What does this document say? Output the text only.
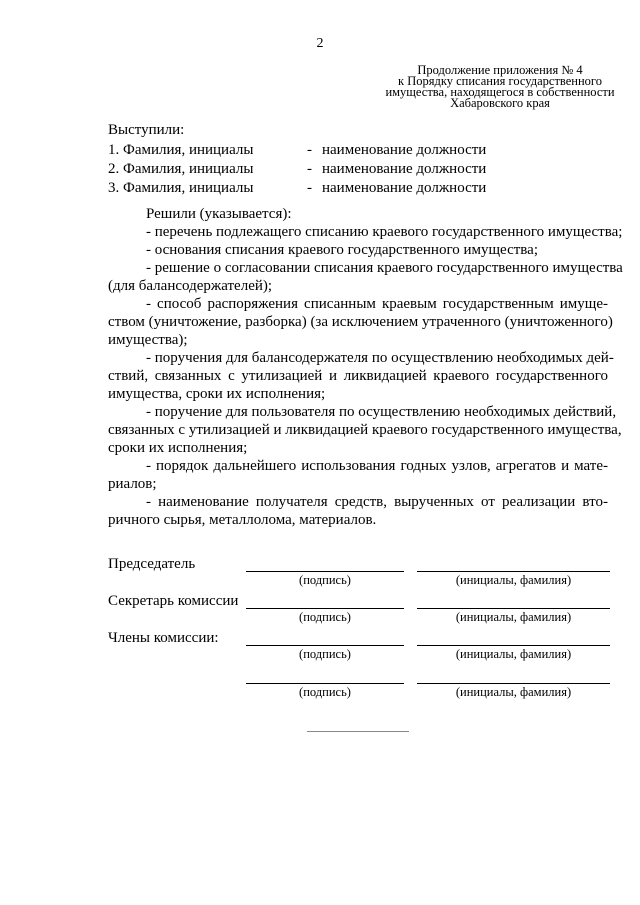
2
Продолжение приложения № 4
к Порядку списания государственного
имущества, находящегося в собственности
Хабаровского края
Выступили:
1. Фамилия, инициалы	- наименование должности
2. Фамилия, инициалы	- наименование должности
3. Фамилия, инициалы	- наименование должности
Решили (указывается):
- перечень подлежащего списанию краевого государственного имущества;
- основания списания краевого государственного имущества;
- решение о согласовании списания краевого государственного имущества
(для балансодержателей);
- способ распоряжения списанным краевым государственным имуще-
ством (уничтожение, разборка) (за исключением утраченного (уничтоженного)
имущества);
- поручения для балансодержателя по осуществлению необходимых дей-
ствий, связанных с утилизацией и ликвидацией краевого государственного
имущества, сроки их исполнения;
- поручение для пользователя по осуществлению необходимых действий,
связанных с утилизацией и ликвидацией краевого государственного имущества,
сроки их исполнения;
- порядок дальнейшего использования годных узлов, агрегатов и мате-
риалов;
- наименование получателя средств, вырученных от реализации вто-
ричного сырья, металлолома, материалов.
Председатель
(подпись)	(инициалы, фамилия)
Секретарь комиссии
(подпись)	(инициалы, фамилия)
Члены комиссии:
(подпись)	(инициалы, фамилия)
(подпись)	(инициалы, фамилия)
